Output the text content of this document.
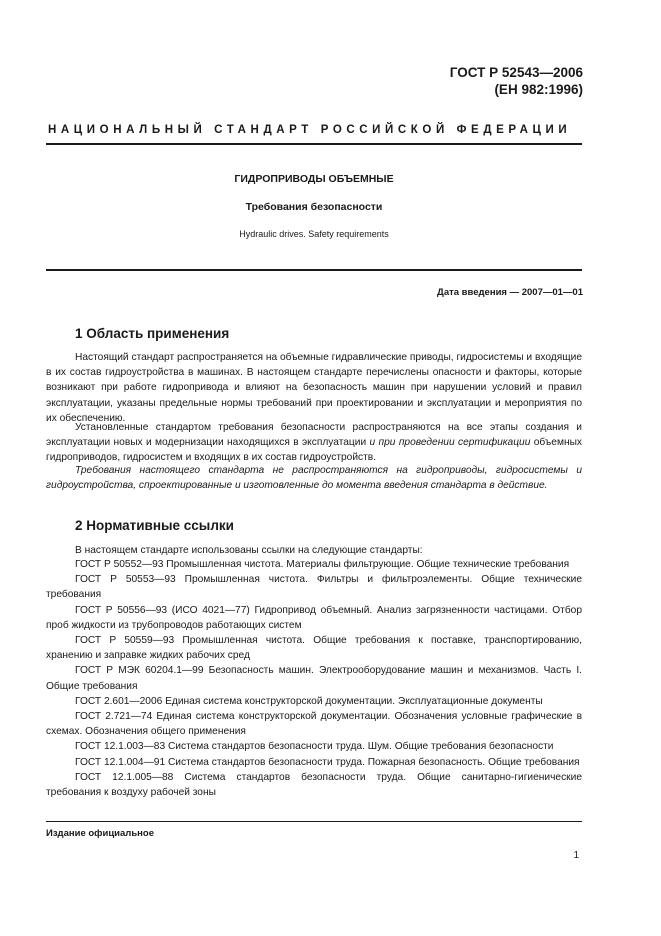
ГОСТ Р 52543—2006
(ЕН 982:1996)
НАЦИОНАЛЬНЫЙ СТАНДАРТ РОССИЙСКОЙ ФЕДЕРАЦИИ
ГИДРОПРИВОДЫ ОБЪЕМНЫЕ
Требования безопасности
Hydraulic drives. Safety requirements
Дата введения — 2007—01—01
1 Область применения
Настоящий стандарт распространяется на объемные гидравлические приводы, гидросистемы и входящие в их состав гидроустройства в машинах. В настоящем стандарте перечислены опасности и факторы, которые возникают при работе гидропривода и влияют на безопасность машин при нарушении условий и правил эксплуатации, указаны предельные нормы требований при проектировании и эксплуатации и мероприятия по их обеспечению.
Установленные стандартом требования безопасности распространяются на все этапы создания и эксплуатации новых и модернизации находящихся в эксплуатации и при проведении сертификации объемных гидроприводов, гидросистем и входящих в их состав гидроустройств.
Требования настоящего стандарта не распространяются на гидроприводы, гидросистемы и гидроустройства, спроектированные и изготовленные до момента введения стандарта в действие.
2 Нормативные ссылки
В настоящем стандарте использованы ссылки на следующие стандарты:
ГОСТ Р 50552—93 Промышленная чистота. Материалы фильтрующие. Общие технические требования
ГОСТ Р 50553—93 Промышленная чистота. Фильтры и фильтроэлементы. Общие технические требования
ГОСТ Р 50556—93 (ИСО 4021—77) Гидропривод объемный. Анализ загрязненности частицами. Отбор проб жидкости из трубопроводов работающих систем
ГОСТ Р 50559—93 Промышленная чистота. Общие требования к поставке, транспортированию, хранению и заправке жидких рабочих сред
ГОСТ Р МЭК 60204.1—99 Безопасность машин. Электрооборудование машин и механизмов. Часть I. Общие требования
ГОСТ 2.601—2006 Единая система конструкторской документации. Эксплуатационные документы
ГОСТ 2.721—74 Единая система конструкторской документации. Обозначения условные графические в схемах. Обозначения общего применения
ГОСТ 12.1.003—83 Система стандартов безопасности труда. Шум. Общие требования безопасности
ГОСТ 12.1.004—91 Система стандартов безопасности труда. Пожарная безопасность. Общие требования
ГОСТ 12.1.005—88 Система стандартов безопасности труда. Общие санитарно-гигиенические требования к воздуху рабочей зоны
Издание официальное
1
